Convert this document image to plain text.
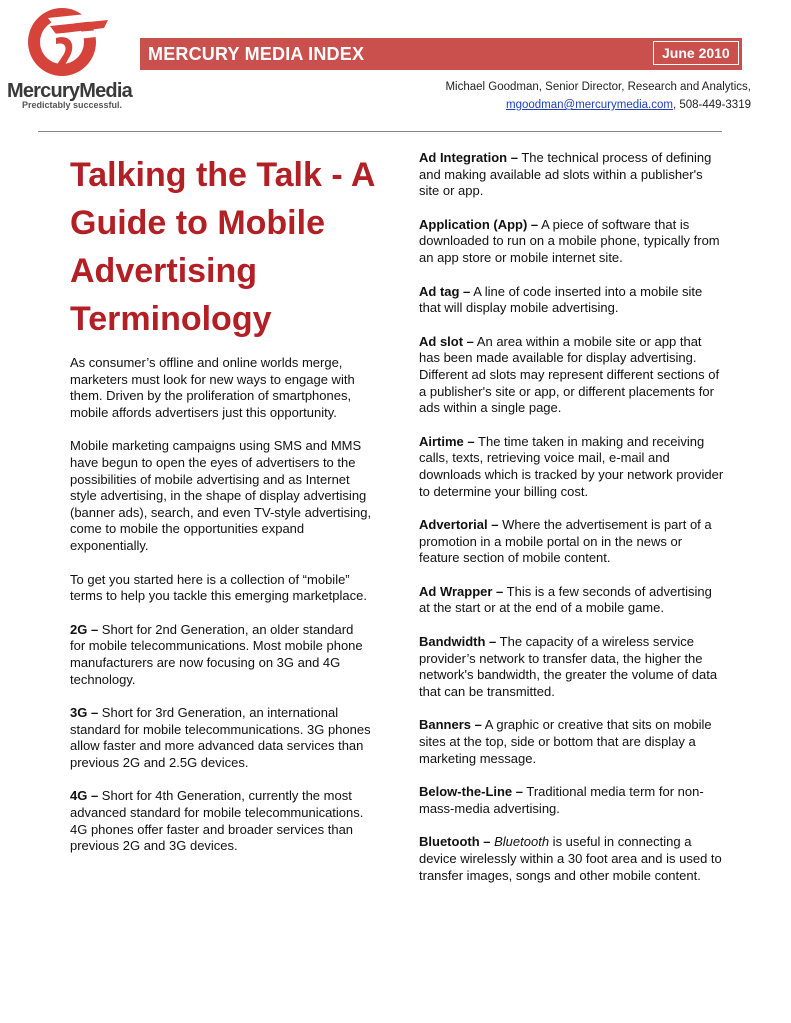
MercuryMedia
Predictably successful.
MERCURY MEDIA INDEX	June 2010
Michael Goodman, Senior Director, Research and Analytics,
mgoodman@mercurymedia.com, 508-449-3319
Talking the Talk - A Guide to Mobile Advertising Terminology

As consumer’s offline and online worlds merge, marketers must look for new ways to engage with them. Driven by the proliferation of smartphones, mobile affords advertisers just this opportunity.

Mobile marketing campaigns using SMS and MMS have begun to open the eyes of advertisers to the possibilities of mobile advertising and as Internet style advertising, in the shape of display advertising (banner ads), search, and even TV-style advertising, come to mobile the opportunities expand exponentially.

To get you started here is a collection of “mobile” terms to help you tackle this emerging marketplace.

2G – Short for 2nd Generation, an older standard for mobile telecommunications. Most mobile phone manufacturers are now focusing on 3G and 4G technology.

3G – Short for 3rd Generation, an international standard for mobile telecommunications. 3G phones allow faster and more advanced data services than previous 2G and 2.5G devices.

4G – Short for 4th Generation, currently the most advanced standard for mobile telecommunications. 4G phones offer faster and broader services than previous 2G and 3G devices.

Ad Integration – The technical process of defining and making available ad slots within a publisher's site or app.

Application (App) – A piece of software that is downloaded to run on a mobile phone, typically from an app store or mobile internet site.

Ad tag – A line of code inserted into a mobile site that will display mobile advertising.

Ad slot – An area within a mobile site or app that has been made available for display advertising. Different ad slots may represent different sections of a publisher's site or app, or different placements for ads within a single page.

Airtime – The time taken in making and receiving calls, texts, retrieving voice mail, e-mail and downloads which is tracked by your network provider to determine your billing cost.

Advertorial – Where the advertisement is part of a promotion in a mobile portal on in the news or feature section of mobile content.

Ad Wrapper – This is a few seconds of advertising at the start or at the end of a mobile game.

Bandwidth – The capacity of a wireless service provider’s network to transfer data, the higher the network's bandwidth, the greater the volume of data that can be transmitted.

Banners – A graphic or creative that sits on mobile sites at the top, side or bottom that are display a marketing message.

Below-the-Line – Traditional media term for non-mass-media advertising.

Bluetooth – Bluetooth is useful in connecting a device wirelessly within a 30 foot area and is used to transfer images, songs and other mobile content.
